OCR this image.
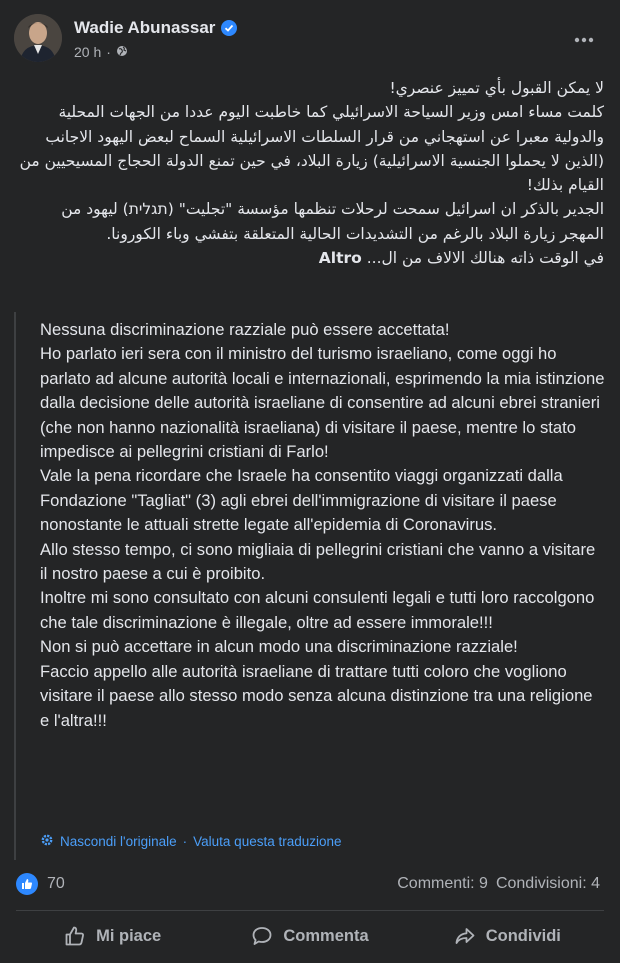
Wadie Abunassar
20 h ·

لا يمكن القبول بأي تمييز عنصري!

كلمت مساء امس وزير السياحة الاسرائيلي كما خاطبت اليوم عددا من الجهات المحلية والدولية معبرا عن استهجاني من قرار السلطات الاسرائيلية السماح لبعض اليهود الاجانب (الذين لا يحملوا الجنسية الاسرائيلية) زيارة البلاد، في حين تمنع الدولة الحجاج المسيحيين من القيام بذلك!

الجدير بالذكر ان اسرائيل سمحت لرحلات تنظمها مؤسسة "تجليت" (תגלית) ليهود من المهجر زيارة البلاد بالرغم من التشديدات الحالية المتعلقة بتفشي وباء الكورونا.

في الوقت ذاته هنالك الالاف من ال... Altro

Nessuna discriminazione razziale può essere accettata!

Ho parlato ieri sera con il ministro del turismo israeliano, come oggi ho parlato ad alcune autorità locali e internazionali, esprimendo la mia istinzione dalla decisione delle autorità israeliane di consentire ad alcuni ebrei stranieri (che non hanno nazionalità israeliana) di visitare il paese, mentre lo stato impedisce ai pellegrini cristiani di Farlo!

Vale la pena ricordare che Israele ha consentito viaggi organizzati dalla Fondazione "Tagliat" (3) agli ebrei dell'immigrazione di visitare il paese nonostante le attuali strette legate all'epidemia di Coronavirus.

Allo stesso tempo, ci sono migliaia di pellegrini cristiani che vanno a visitare il nostro paese a cui è proibito.

Inoltre mi sono consultato con alcuni consulenti legali e tutti loro raccolgono che tale discriminazione è illegale, oltre ad essere immorale!!!

Non si può accettare in alcun modo una discriminazione razziale!

Faccio appello alle autorità israeliane di trattare tutti coloro che vogliono visitare il paese allo stesso modo senza alcuna distinzione tra una religione e l'altra!!!

Nascondi l'originale · Valuta questa traduzione
70	Commenti: 9 Condivisioni: 4
Mi piace	Commenta	Condividi
